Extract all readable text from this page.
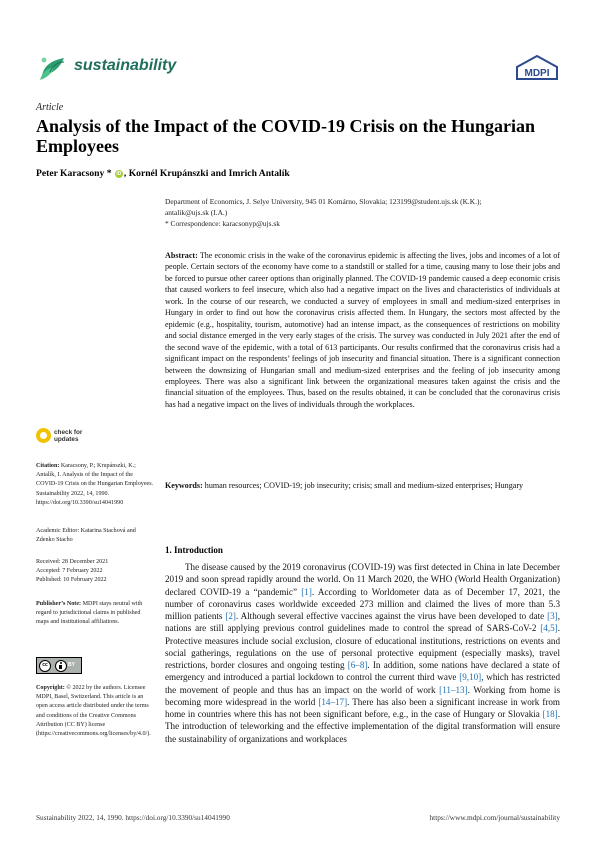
sustainability	MDPI
Article
Analysis of the Impact of the COVID-19 Crisis on the Hungarian Employees
Peter Karacsony * iD , Kornél Krupánszki and Imrich Antalík
Department of Economics, J. Selye University, 945 01 Komárno, Slovakia; 123199@student.ujs.sk (K.K.);
antalik@ujs.sk (I.A.)
* Correspondence: karacsonyp@ujs.sk
Abstract: The economic crisis in the wake of the coronavirus epidemic is affecting the lives, jobs and incomes of a lot of people. Certain sectors of the economy have come to a standstill or stalled for a time, causing many to lose their jobs and be forced to pursue other career options than originally planned. The COVID-19 pandemic caused a deep economic crisis that caused workers to feel insecure, which also had a negative impact on the lives and characteristics of individuals at work. In the course of our research, we conducted a survey of employees in small and medium-sized enterprises in Hungary in order to find out how the coronavirus crisis affected them. In Hungary, the sectors most affected by the epidemic (e.g., hospitality, tourism, automotive) had an intense impact, as the consequences of restrictions on mobility and social distance emerged in the very early stages of the crisis. The survey was conducted in July 2021 after the end of the second wave of the epidemic, with a total of 613 participants. Our results confirmed that the coronavirus crisis had a significant impact on the respondents’ feelings of job insecurity and financial situation. There is a significant connection between the downsizing of Hungarian small and medium-sized enterprises and the feeling of job insecurity among employees. There was also a significant link between the organizational measures taken against the crisis and the financial situation of the employees. Thus, based on the results obtained, it can be concluded that the coronavirus crisis has had a negative impact on the lives of individuals through the workplaces.
Keywords: human resources; COVID-19; job insecurity; crisis; small and medium-sized enterprises; Hungary
check for
updates
Citation: Karacsony, P.; Krupánszki, K.; Antalík, I. Analysis of the Impact of the COVID-19 Crisis on the Hungarian Employees. Sustainability 2022, 14, 1990. https://doi.org/10.3390/su14041990
Academic Editor: Katarina Stachová and Zdenko Stacho
Received: 28 December 2021
Accepted: 7 February 2022
Published: 10 February 2022
Publisher’s Note: MDPI stays neutral with regard to jurisdictional claims in published maps and institutional affiliations.
cc	BY
Copyright: © 2022 by the authors. Licensee MDPI, Basel, Switzerland. This article is an open access article distributed under the terms and conditions of the Creative Commons Attribution (CC BY) license (https://creativecommons.org/licenses/by/4.0/).
1. Introduction
The disease caused by the 2019 coronavirus (COVID-19) was first detected in China in late December 2019 and soon spread rapidly around the world. On 11 March 2020, the WHO (World Health Organization) declared COVID-19 a “pandemic” [1]. According to Worldometer data as of December 17, 2021, the number of coronavirus cases worldwide exceeded 273 million and claimed the lives of more than 5.3 million patients [2]. Although several effective vaccines against the virus have been developed to date [3], nations are still applying previous control guidelines made to control the spread of SARS-CoV-2 [4,5]. Protective measures include social exclusion, closure of educational institutions, restrictions on events and social gatherings, regulations on the use of personal protective equipment (especially masks), travel restrictions, border closures and ongoing testing [6–8]. In addition, some nations have declared a state of emergency and introduced a partial lockdown to control the current third wave [9,10], which has restricted the movement of people and thus has an impact on the world of work [11–13]. Working from home is becoming more widespread in the world [14–17]. There has also been a significant increase in work from home in countries where this has not been significant before, e.g., in the case of Hungary or Slovakia [18]. The introduction of teleworking and the effective implementation of the digital transformation will ensure the sustainability of organizations and workplaces
Sustainability 2022, 14, 1990. https://doi.org/10.3390/su14041990	https://www.mdpi.com/journal/sustainability
